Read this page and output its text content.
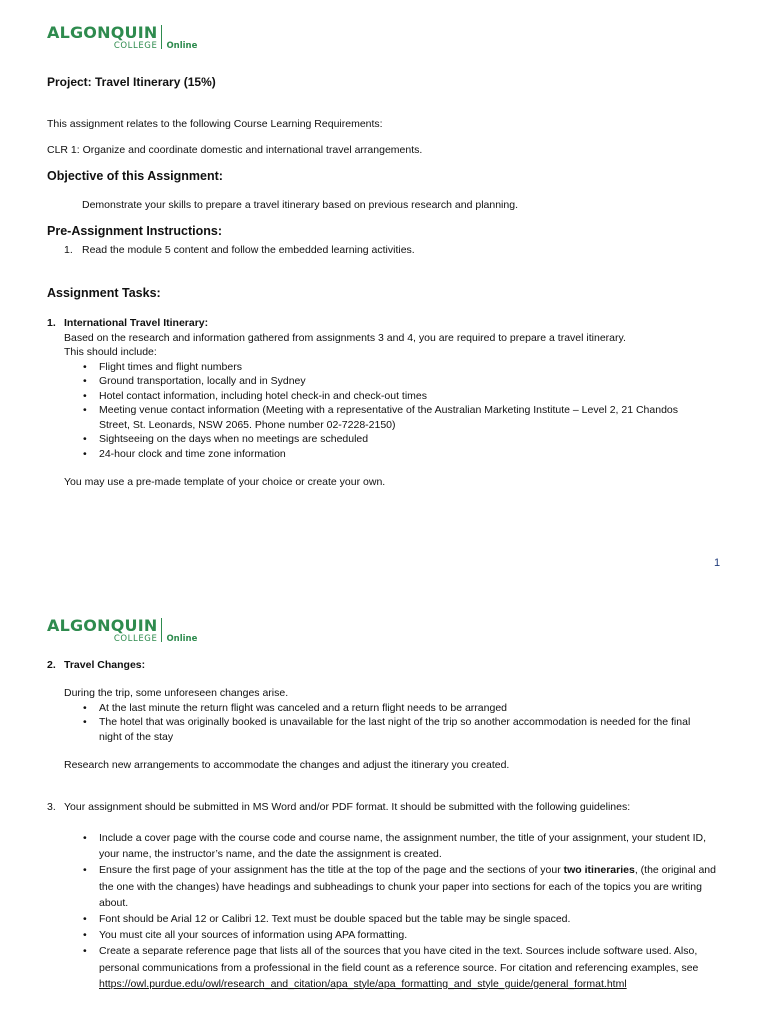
ALGONQUIN
COLLEGE Online
Project: Travel Itinerary (15%)
This assignment relates to the following Course Learning Requirements:
CLR 1: Organize and coordinate domestic and international travel arrangements.
Objective of this Assignment:
Demonstrate your skills to prepare a travel itinerary based on previous research and planning.
Pre-Assignment Instructions:
1. Read the module 5 content and follow the embedded learning activities.
Assignment Tasks:
1. International Travel Itinerary:
Based on the research and information gathered from assignments 3 and 4, you are required to prepare a travel itinerary.
This should include:
• Flight times and flight numbers
• Ground transportation, locally and in Sydney
• Hotel contact information, including hotel check-in and check-out times
• Meeting venue contact information (Meeting with a representative of the Australian Marketing Institute – Level 2, 21 Chandos Street, St. Leonards, NSW 2065. Phone number 02-7228-2150)
• Sightseeing on the days when no meetings are scheduled
• 24-hour clock and time zone information
You may use a pre-made template of your choice or create your own.
1
ALGONQUIN
COLLEGE Online
2. Travel Changes:
During the trip, some unforeseen changes arise.
• At the last minute the return flight was canceled and a return flight needs to be arranged
• The hotel that was originally booked is unavailable for the last night of the trip so another accommodation is needed for the final night of the stay
Research new arrangements to accommodate the changes and adjust the itinerary you created.
3. Your assignment should be submitted in MS Word and/or PDF format. It should be submitted with the following guidelines:
• Include a cover page with the course code and course name, the assignment number, the title of your assignment, your student ID, your name, the instructor’s name, and the date the assignment is created.
• Ensure the first page of your assignment has the title at the top of the page and the sections of your two itineraries, (the original and the one with the changes) have headings and subheadings to chunk your paper into sections for each of the topics you are writing about.
• Font should be Arial 12 or Calibri 12. Text must be double spaced but the table may be single spaced.
• You must cite all your sources of information using APA formatting.
• Create a separate reference page that lists all of the sources that you have cited in the text. Sources include software used. Also, personal communications from a professional in the field count as a reference source. For citation and referencing examples, see
https://owl.purdue.edu/owl/research_and_citation/apa_style/apa_formatting_and_style_guide/general_format.html
